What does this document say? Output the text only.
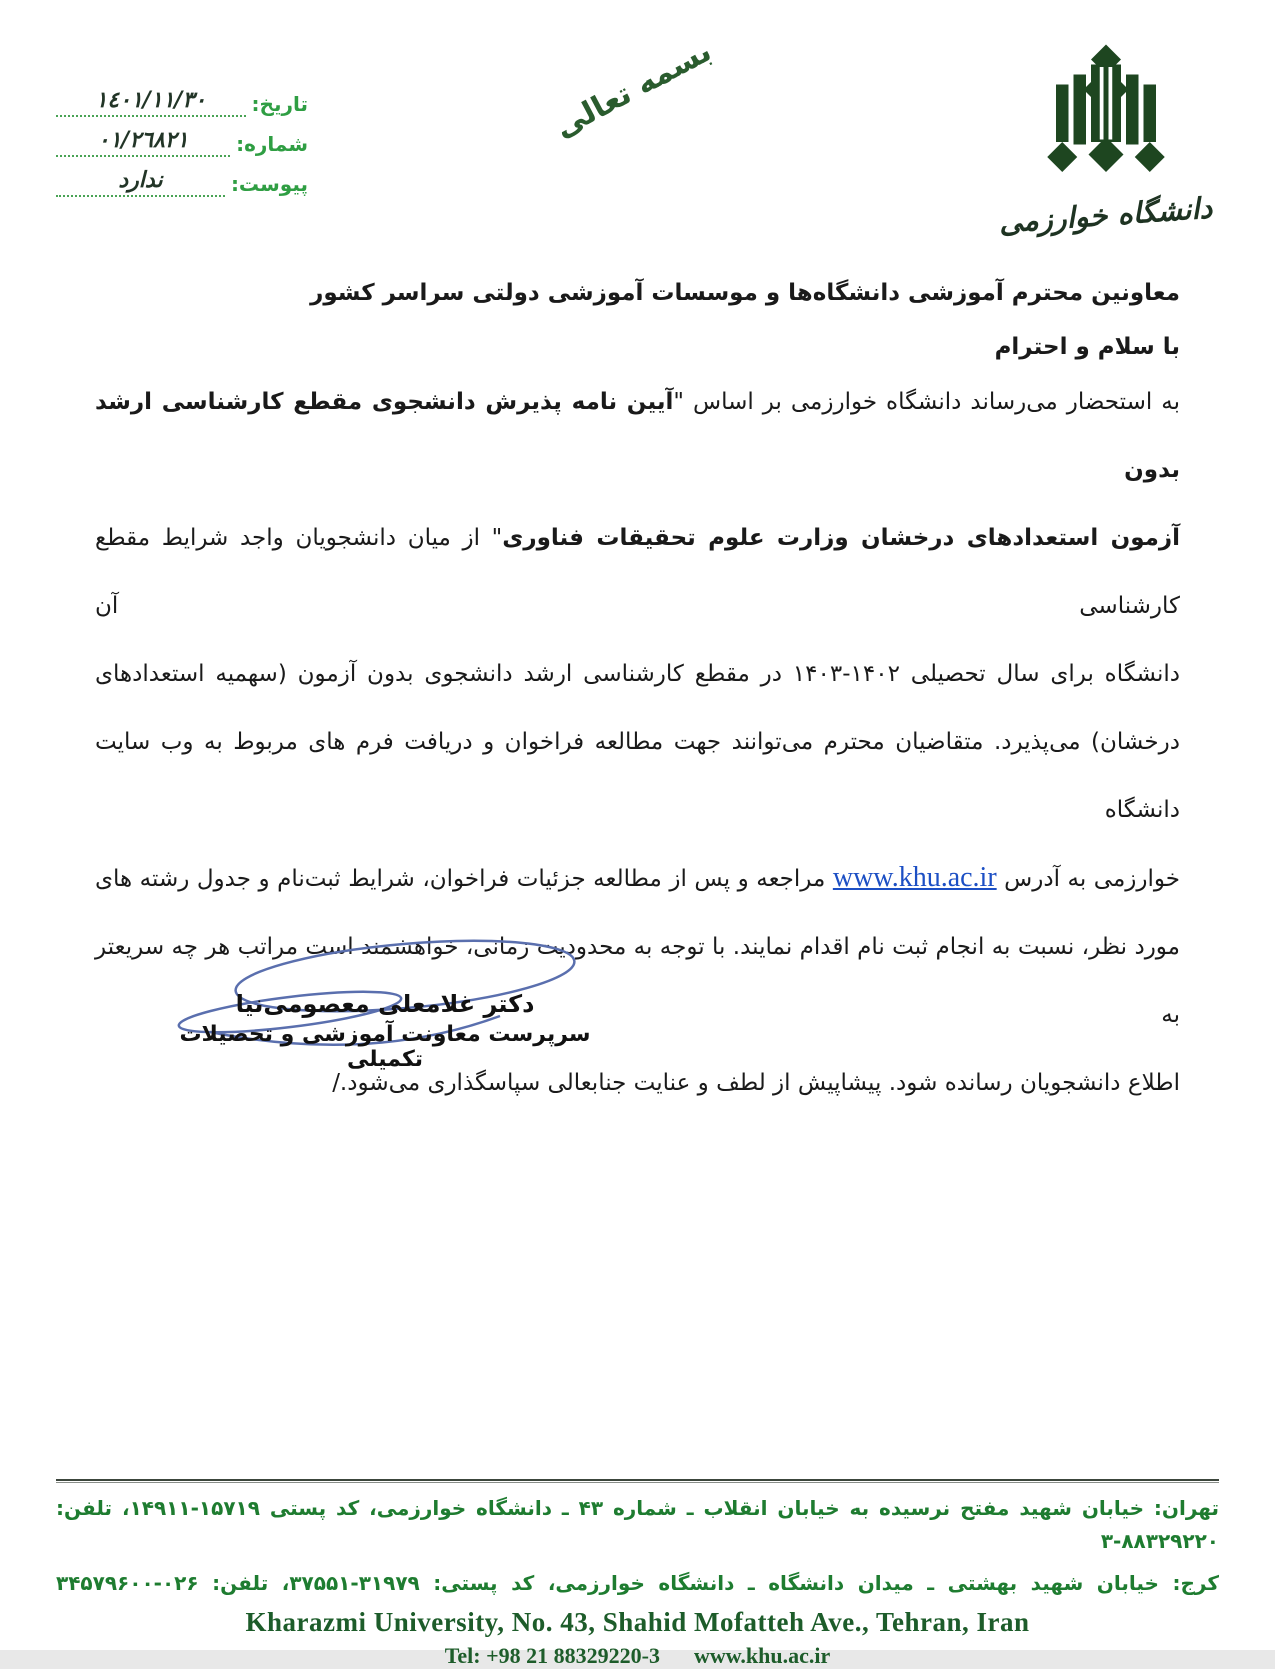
تاریخ:
١٤٠١/١١/٣٠
شماره:
٠١/٢٦٨٢١
پیوست:
ندارد
بسمه تعالی
دانشگاه خوارزمی
معاونین محترم آموزشی دانشگاه‌ها و موسسات آموزشی دولتی سراسر کشور
با سلام و احترام

به استحضار می‌رساند دانشگاه خوارزمی بر اساس "آیین نامه پذیرش دانشجوی مقطع کارشناسی ارشد بدون

آزمون استعدادهای درخشان وزارت علوم تحقیقات فناوری" از میان دانشجویان واجد شرایط مقطع کارشناسی آن

دانشگاه برای سال تحصیلی ۱۴۰۲-۱۴۰۳ در مقطع کارشناسی ارشد دانشجوی بدون آزمون (سهمیه استعدادهای

درخشان) می‌پذیرد. متقاضیان محترم می‌توانند جهت مطالعه فراخوان و دریافت فرم های مربوط به وب سایت دانشگاه

خوارزمی به آدرس www.khu.ac.ir مراجعه و پس از مطالعه جزئیات فراخوان، شرایط ثبت‌نام و جدول رشته های

مورد نظر، نسبت به انجام ثبت نام اقدام نمایند. با توجه به محدودیت زمانی، خواهشمند است مراتب هر چه سریعتر به

اطلاع دانشجویان رسانده شود. پیشاپیش از لطف و عنایت جنابعالی سپاسگذاری می‌شود./

دکتر غلامعلی معصومی‌نیا
سرپرست معاونت آموزشی و تحصیلات تکمیلی
تهران: خیابان شهید مفتح نرسیده به خیابان انقلاب ـ شماره ۴۳ ـ دانشگاه خوارزمی، کد پستی ۱۵۷۱۹-۱۴۹۱۱، تلفن: ۸۸۳۲۹۲۲۰-۳
کرج: خیابان شهید بهشتی ـ میدان دانشگاه ـ دانشگاه خوارزمی، کد پستی: ۳۱۹۷۹-۳۷۵۵۱، تلفن: ۰۲۶-۳۴۵۷۹۶۰۰
Kharazmi University, No. 43, Shahid Mofatteh Ave., Tehran, Iran
Tel: +98 21 88329220-3 www.khu.ac.ir
